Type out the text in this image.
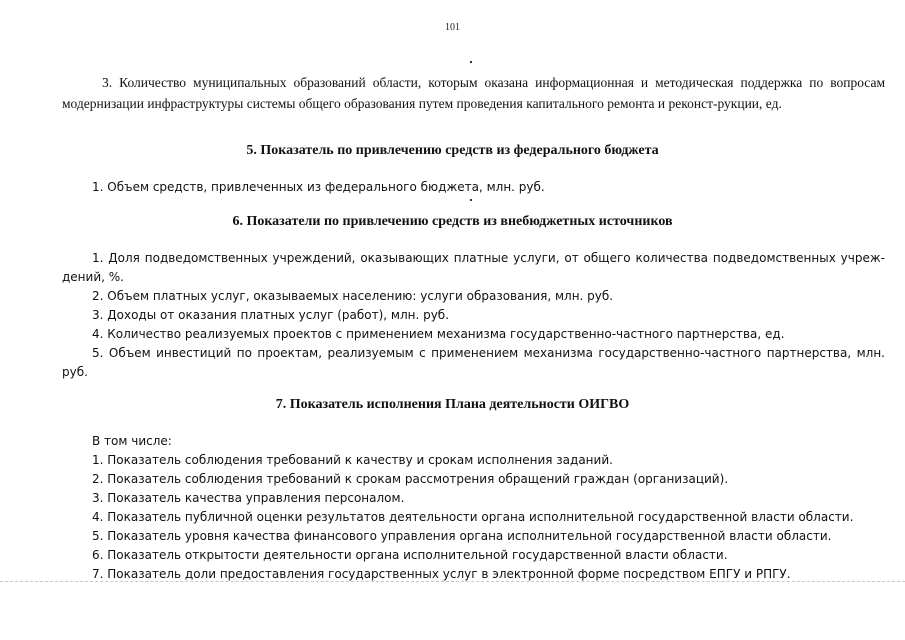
101
3. Количество муниципальных образований области, которым оказана информационная и методическая поддержка по вопросам модернизации инфраструктуры системы общего образования путем проведения капитального ремонта и реконст-рукции, ед.
5. Показатель по привлечению средств из федерального бюджета
1. Объем средств, привлеченных из федерального бюджета, млн. руб.
6. Показатели по привлечению средств из внебюджетных источников
1. Доля подведомственных учреждений, оказывающих платные услуги, от общего количества подведомственных учреж-дений, %.
2. Объем платных услуг, оказываемых населению: услуги образования, млн. руб.
3. Доходы от оказания платных услуг (работ), млн. руб.
4. Количество реализуемых проектов с применением механизма государственно-частного партнерства, ед.
5. Объем инвестиций по проектам, реализуемым с применением механизма государственно-частного партнерства, млн. руб.
7. Показатель исполнения Плана деятельности ОИГВО
В том числе:
1. Показатель соблюдения требований к качеству и срокам исполнения заданий.
2. Показатель соблюдения требований к срокам рассмотрения обращений граждан (организаций).
3. Показатель качества управления персоналом.
4. Показатель публичной оценки результатов деятельности органа исполнительной государственной власти области.
5. Показатель уровня качества финансового управления органа исполнительной государственной власти области.
6. Показатель открытости деятельности органа исполнительной государственной власти области.
7. Показатель доли предоставления государственных услуг в электронной форме посредством ЕПГУ и РПГУ.
